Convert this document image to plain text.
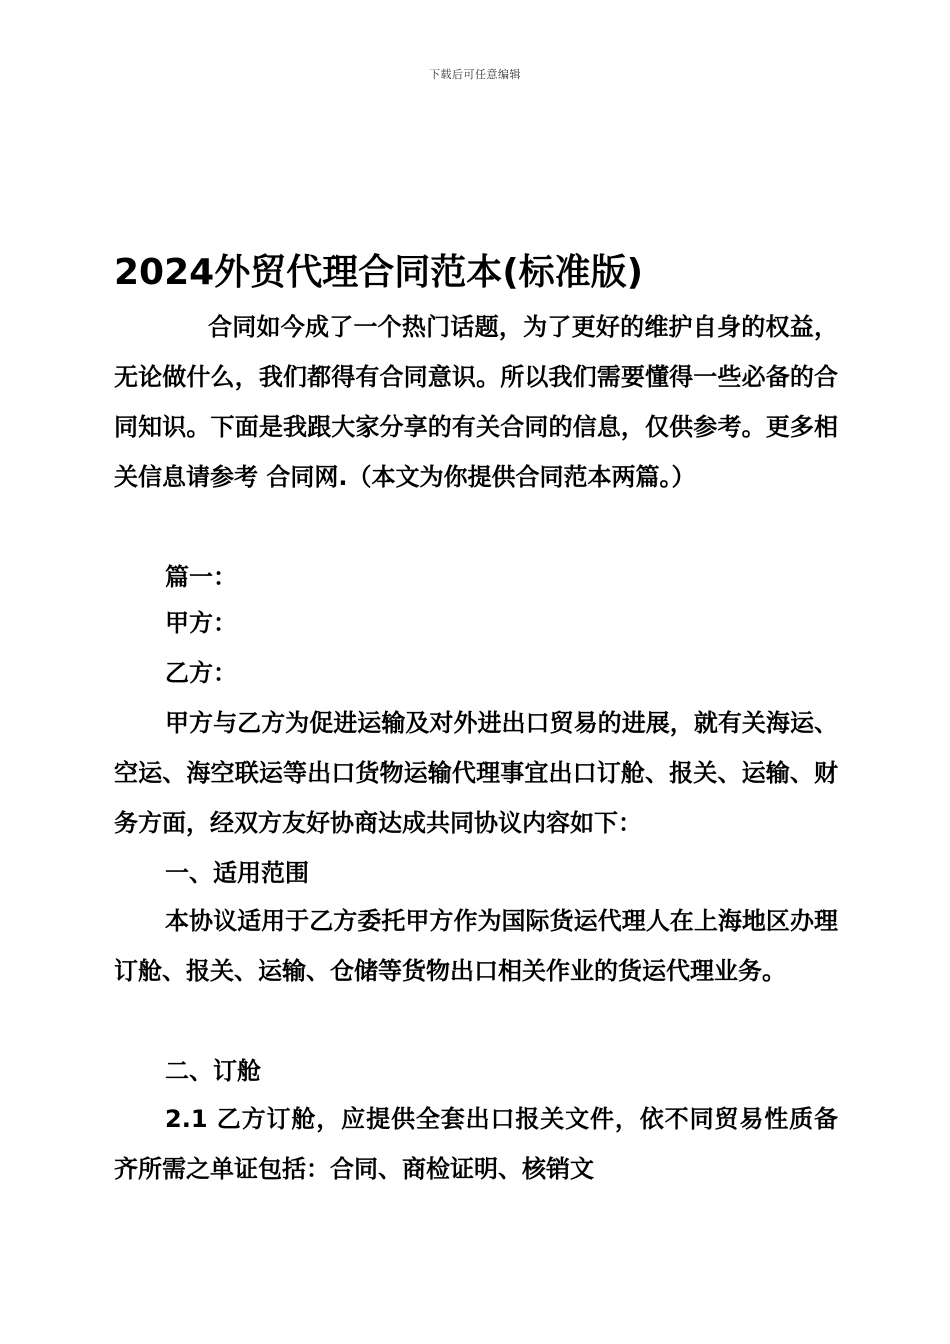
下载后可任意编辑
2024外贸代理合同范本(标准版)

合同如今成了一个热门话题，为了更好的维护自身的权益，无论做什么，我们都得有合同意识。所以我们需要懂得一些必备的合同知识。下面是我跟大家分享的有关合同的信息，仅供参考。更多相关信息请参考 合同网.（本文为你提供合同范本两篇。）

篇一：

甲方：

乙方：

甲方与乙方为促进运输及对外进出口贸易的进展，就有关海运、空运、海空联运等出口货物运输代理事宜出口订舱、报关、运输、财务方面，经双方友好协商达成共同协议内容如下：

一、适用范围

本协议适用于乙方委托甲方作为国际货运代理人在上海地区办理订舱、报关、运输、仓储等货物出口相关作业的货运代理业务。

二、订舱

2.1 乙方订舱，应提供全套出口报关文件，依不同贸易性质备齐所需之单证包括：合同、商检证明、核销文
